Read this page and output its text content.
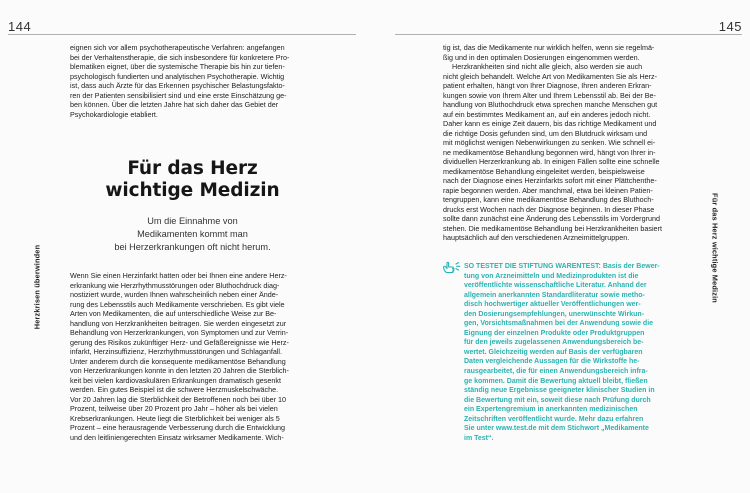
144	145
Herzkrisen überwinden	Für das Herz wichtige Medizin
eignen sich vor allem psychotherapeutische Verfahren: angefangen
bei der Verhaltenstherapie, die sich insbesondere für konkretere Pro-
blematiken eignet, über die systemische Therapie bis hin zur tiefen-
psychologisch fundierten und analytischen Psychotherapie. Wichtig
ist, dass auch Ärzte für das Erkennen psychischer Belastungsfakto-
ren der Patienten sensibilisiert sind und eine erste Einschätzung ge-
ben können. Über die letzten Jahre hat sich daher das Gebiet der
Psychokardiologie etabliert.
Für das Herz
wichtige Medizin
Um die Einnahme von
Medikamenten kommt man
bei Herzerkrankungen oft nicht herum.
Wenn Sie einen Herzinfarkt hatten oder bei Ihnen eine andere Herz-
erkrankung wie Herzrhythmusstörungen oder Bluthochdruck diag-
nostiziert wurde, wurden Ihnen wahrscheinlich neben einer Ände-
rung des Lebensstils auch Medikamente verschrieben. Es gibt viele
Arten von Medikamenten, die auf unterschiedliche Weise zur Be-
handlung von Herzkrankheiten beitragen. Sie werden eingesetzt zur
Behandlung von Herzerkrankungen, von Symptomen und zur Verrin-
gerung des Risikos zukünftiger Herz- und Gefäßereignisse wie Herz-
infarkt, Herzinsuffizienz, Herzrhythmusstörungen und Schlaganfall.
Unter anderem durch die konsequente medikamentöse Behandlung
von Herzerkrankungen konnte in den letzten 20 Jahren die Sterblich-
keit bei vielen kardiovaskulären Erkrankungen dramatisch gesenkt
werden. Ein gutes Beispiel ist die schwere Herzmuskelschwäche.
Vor 20 Jahren lag die Sterblichkeit der Betroffenen noch bei über 10
Prozent, teilweise über 20 Prozent pro Jahr – höher als bei vielen
Krebserkrankungen. Heute liegt die Sterblichkeit bei weniger als 5
Prozent – eine herausragende Verbesserung durch die Entwicklung
und den leitliniengerechten Einsatz wirksamer Medikamente. Wich-

tig ist, das die Medikamente nur wirklich helfen, wenn sie regelmä-
ßig und in den optimalen Dosierungen eingenommen werden.

Herzkrankheiten sind nicht alle gleich, also werden sie auch
nicht gleich behandelt. Welche Art von Medikamenten Sie als Herz-
patient erhalten, hängt von Ihrer Diagnose, Ihren anderen Erkran-
kungen sowie von Ihrem Alter und Ihrem Lebensstil ab. Bei der Be-
handlung von Bluthochdruck etwa sprechen manche Menschen gut
auf ein bestimmtes Medikament an, auf ein anderes jedoch nicht.
Daher kann es einige Zeit dauern, bis das richtige Medikament und
die richtige Dosis gefunden sind, um den Blutdruck wirksam und
mit möglichst wenigen Nebenwirkungen zu senken. Wie schnell ei-
ne medikamentöse Behandlung begonnen wird, hängt von Ihrer in-
dividuellen Herzerkrankung ab. In einigen Fällen sollte eine schnelle
medikamentöse Behandlung eingeleitet werden, beispielsweise
nach der Diagnose eines Herzinfarkts sofort mit einer Plättchenthe-
rapie begonnen werden. Aber manchmal, etwa bei kleinen Patien-
tengruppen, kann eine medikamentöse Behandlung des Bluthoch-
drucks erst Wochen nach der Diagnose beginnen. In dieser Phase
sollte dann zunächst eine Änderung des Lebensstils im Vordergrund
stehen. Die medikamentöse Behandlung bei Herzkrankheiten basiert
hauptsächlich auf den verschiedenen Arzneimittelgruppen.

SO TESTET DIE STIFTUNG WARENTEST: Basis der Bewer-
tung von Arzneimitteln und Medizinprodukten ist die
veröffentlichte wissenschaftliche Literatur. Anhand der
allgemein anerkannten Standardliteratur sowie metho-
disch hochwertiger aktueller Veröffentlichungen wer-
den Dosierungsempfehlungen, unerwünschte Wirkun-
gen, Vorsichtsmaßnahmen bei der Anwendung sowie die
Eignung der einzelnen Produkte oder Produktgruppen
für den jeweils zugelassenen Anwendungsbereich be-
wertet. Gleichzeitig werden auf Basis der verfügbaren
Daten vergleichende Aussagen für die Wirkstoffe he-
rausgearbeitet, die für einen Anwendungsbereich infra-
ge kommen. Damit die Bewertung aktuell bleibt, fließen
ständig neue Ergebnisse geeigneter klinischer Studien in
die Bewertung mit ein, soweit diese nach Prüfung durch
ein Expertengremium in anerkannten medizinischen
Zeitschriften veröffentlicht wurde. Mehr dazu erfahren
Sie unter www.test.de mit dem Stichwort „Medikamente
im Test“.
